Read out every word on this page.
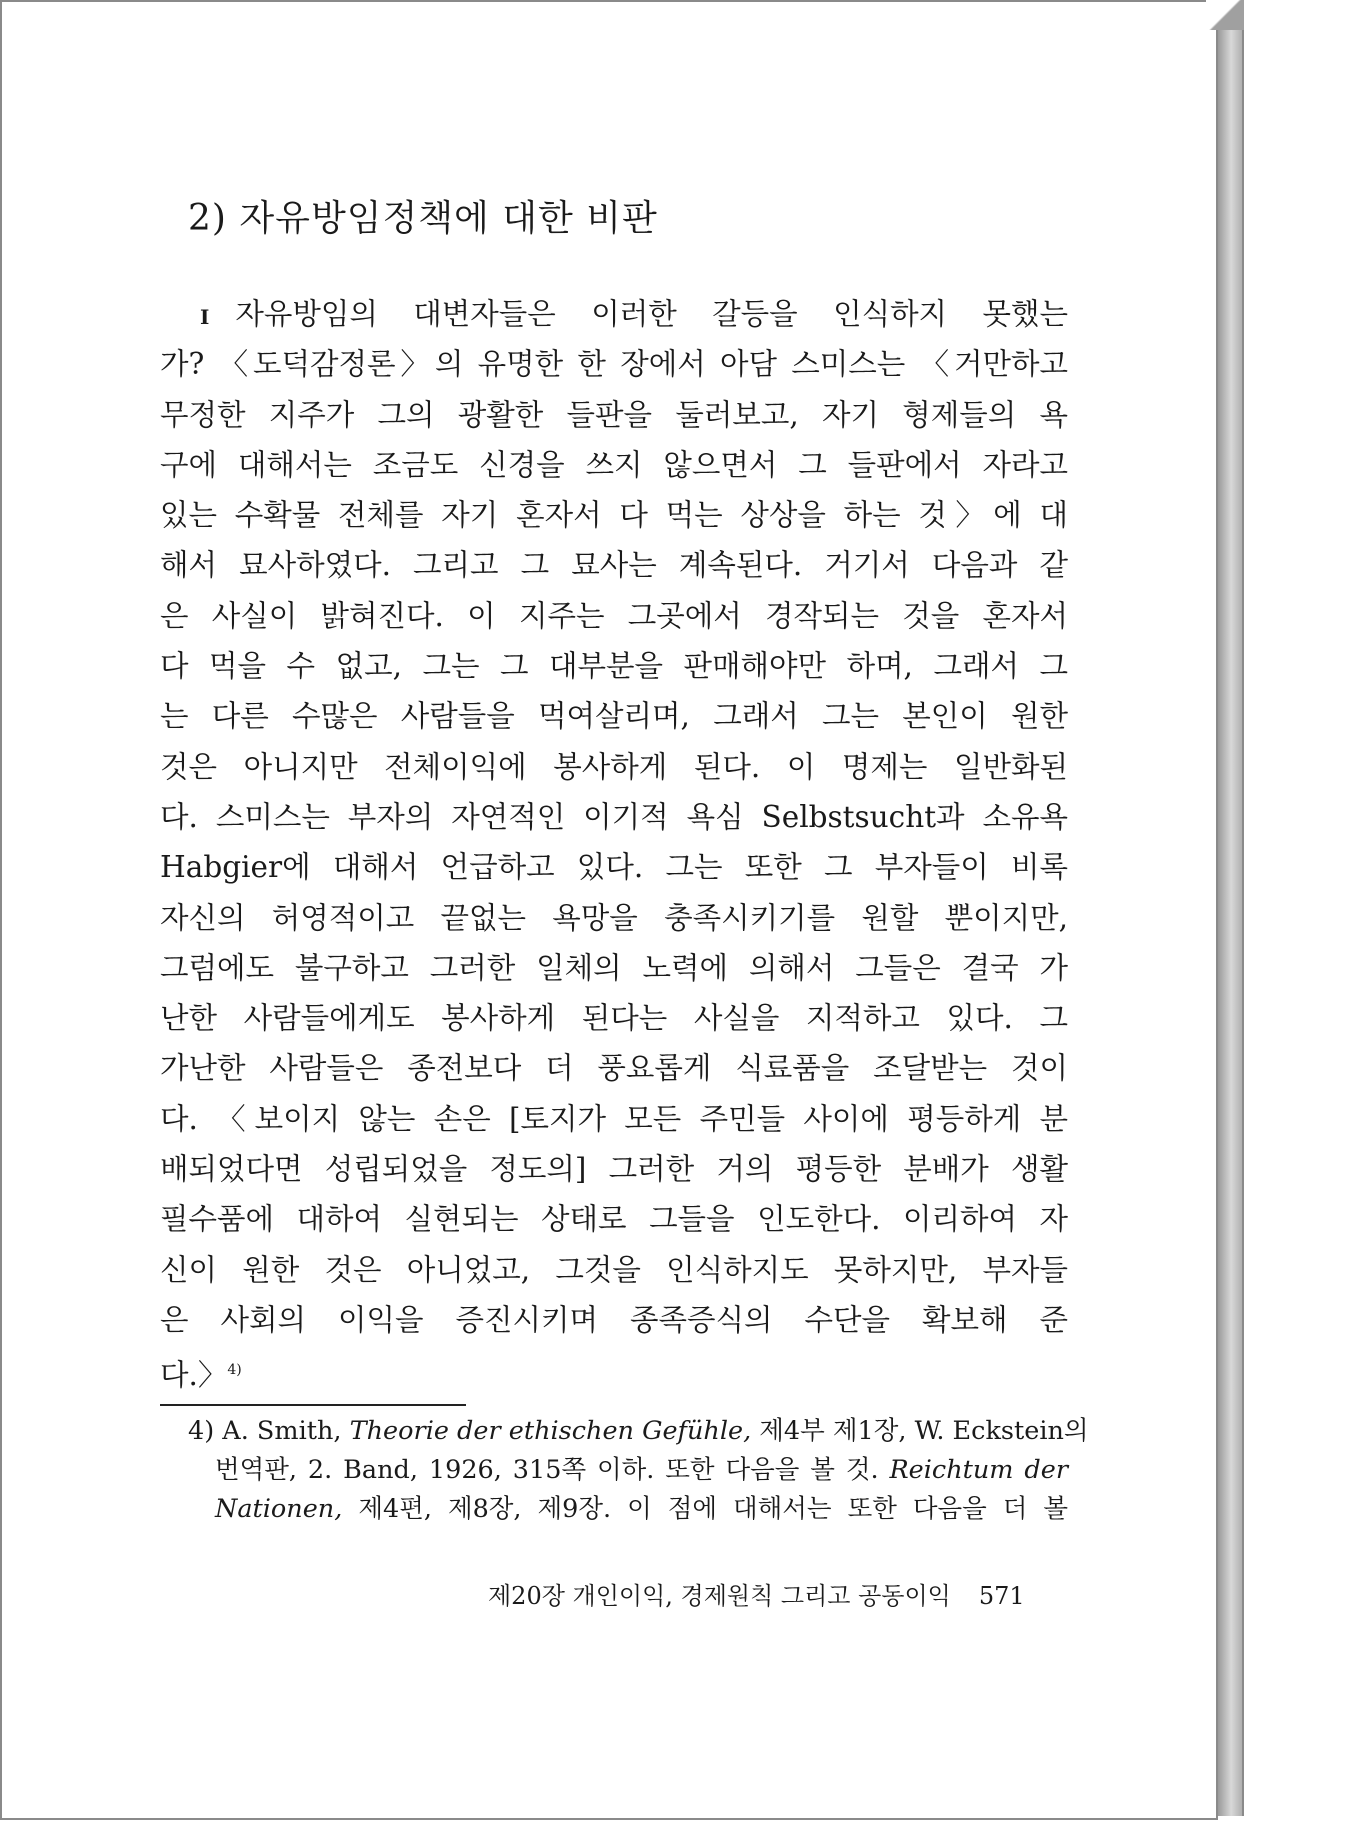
2) 자유방임정책에 대한 비판
I 자유방임의 대변자들은 이러한 갈등을 인식하지 못했는
가? 〈도덕감정론〉의 유명한 한 장에서 아담 스미스는 〈거만하고
무정한 지주가 그의 광활한 들판을 둘러보고, 자기 형제들의 욕
구에 대해서는 조금도 신경을 쓰지 않으면서 그 들판에서 자라고
있는 수확물 전체를 자기 혼자서 다 먹는 상상을 하는 것〉에 대
해서 묘사하였다. 그리고 그 묘사는 계속된다. 거기서 다음과 같
은 사실이 밝혀진다. 이 지주는 그곳에서 경작되는 것을 혼자서
다 먹을 수 없고, 그는 그 대부분을 판매해야만 하며, 그래서 그
는 다른 수많은 사람들을 먹여살리며, 그래서 그는 본인이 원한
것은 아니지만 전체이익에 봉사하게 된다. 이 명제는 일반화된
다. 스미스는 부자의 자연적인 이기적 욕심 Selbstsucht과 소유욕
Habgier에 대해서 언급하고 있다. 그는 또한 그 부자들이 비록
자신의 허영적이고 끝없는 욕망을 충족시키기를 원할 뿐이지만,
그럼에도 불구하고 그러한 일체의 노력에 의해서 그들은 결국 가
난한 사람들에게도 봉사하게 된다는 사실을 지적하고 있다. 그
가난한 사람들은 종전보다 더 풍요롭게 식료품을 조달받는 것이
다. 〈보이지 않는 손은 [토지가 모든 주민들 사이에 평등하게 분
배되었다면 성립되었을 정도의] 그러한 거의 평등한 분배가 생활
필수품에 대하여 실현되는 상태로 그들을 인도한다. 이리하여 자
신이 원한 것은 아니었고, 그것을 인식하지도 못하지만, 부자들
은 사회의 이익을 증진시키며 종족증식의 수단을 확보해 준
다.〉$^{4)}$
4) A. Smith, Theorie der ethischen Gefühle, 제4부 제1장, W. Eckstein의
번역판, 2. Band, 1926, 315쪽 이하. 또한 다음을 볼 것. Reichtum der
Nationen, 제4편, 제8장, 제9장. 이 점에 대해서는 또한 다음을 더 볼
제20장 개인이익, 경제원칙 그리고 공동이익 571
